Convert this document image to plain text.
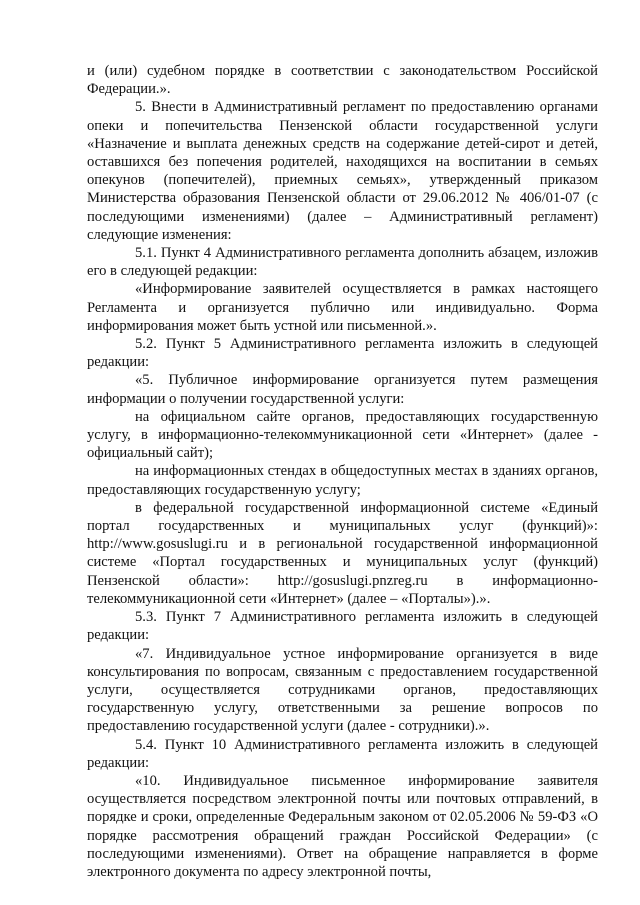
и (или) судебном порядке в соответствии с законодательством Российской Федерации.».

5. Внести в Административный регламент по предоставлению органами опеки и попечительства Пензенской области государственной услуги «Назначение и выплата денежных средств на содержание детей-сирот и детей, оставшихся без попечения родителей, находящихся на воспитании в семьях опекунов (попечителей), приемных семьях», утвержденный приказом Министерства образования Пензенской области от 29.06.2012 № 406/01-07 (с последующими изменениями) (далее – Административный регламент) следующие изменения:

5.1. Пункт 4 Административного регламента дополнить абзацем, изложив его в следующей редакции:

«Информирование заявителей осуществляется в рамках настоящего Регламента и организуется публично или индивидуально. Форма информирования может быть устной или письменной.».

5.2. Пункт 5 Административного регламента изложить в следующей редакции:

«5. Публичное информирование организуется путем размещения информации о получении государственной услуги:

на официальном сайте органов, предоставляющих государственную услугу, в информационно-телекоммуникационной сети «Интернет» (далее - официальный сайт);

на информационных стендах в общедоступных местах в зданиях органов, предоставляющих государственную услугу;

в федеральной государственной информационной системе «Единый портал государственных и муниципальных услуг (функций)»: http://www.gosuslugi.ru и в региональной государственной информационной системе «Портал государственных и муниципальных услуг (функций) Пензенской области»: http://gosuslugi.pnzreg.ru в информационно-телекоммуникационной сети «Интернет» (далее – «Порталы»).».

5.3. Пункт 7 Административного регламента изложить в следующей редакции:

«7. Индивидуальное устное информирование организуется в виде консультирования по вопросам, связанным с предоставлением государственной услуги, осуществляется сотрудниками органов, предоставляющих государственную услугу, ответственными за решение вопросов по предоставлению государственной услуги (далее - сотрудники).».

5.4. Пункт 10 Административного регламента изложить в следующей редакции:

«10. Индивидуальное письменное информирование заявителя осуществляется посредством электронной почты или почтовых отправлений, в порядке и сроки, определенные Федеральным законом от 02.05.2006 № 59-ФЗ «О порядке рассмотрения обращений граждан Российской Федерации» (с последующими изменениями). Ответ на обращение направляется в форме электронного документа по адресу электронной почты,
